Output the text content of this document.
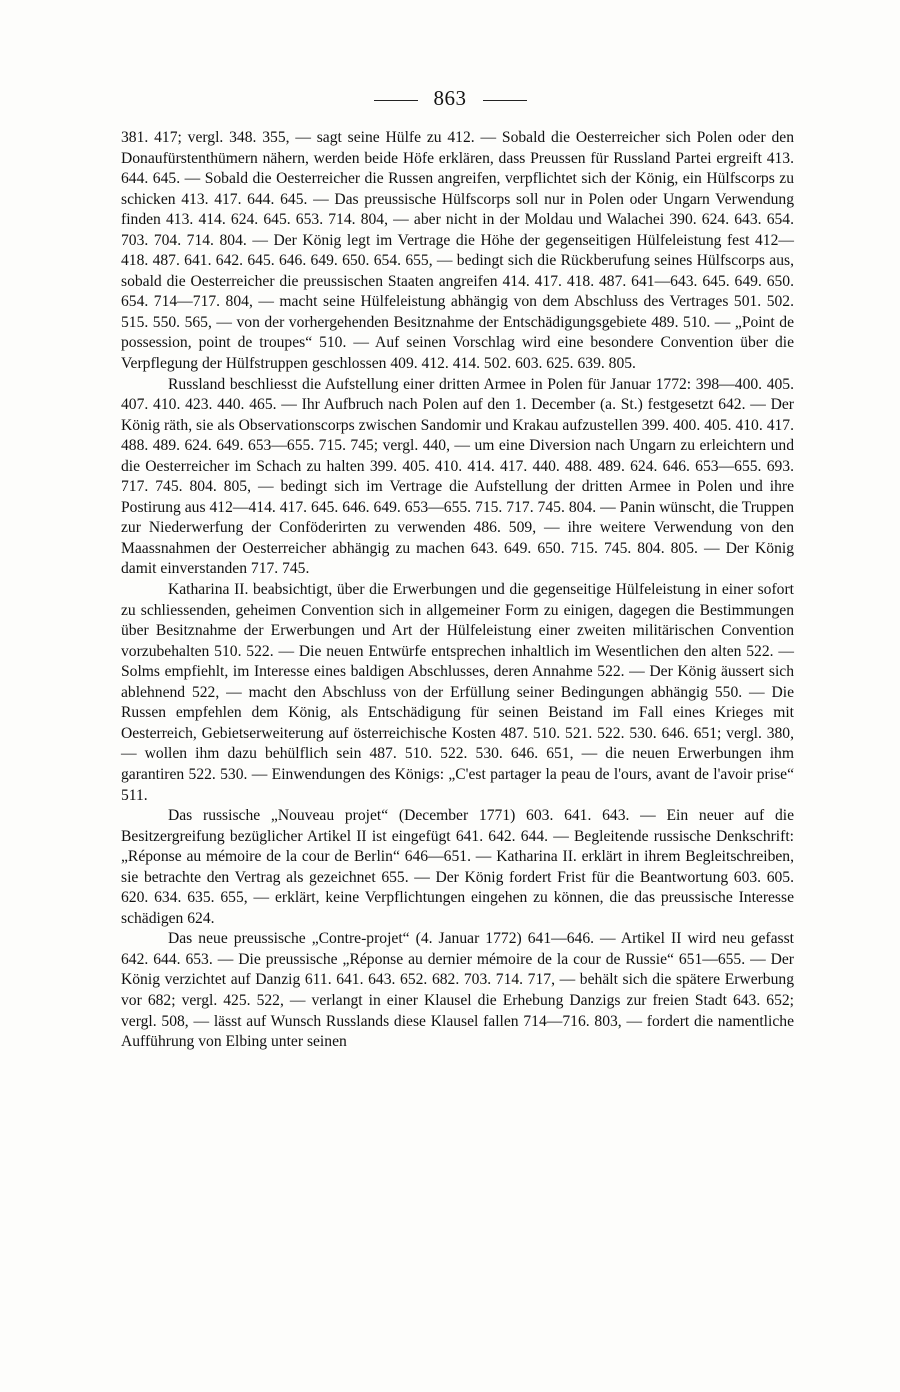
863

381. 417; vergl. 348. 355, — sagt seine Hülfe zu 412. — Sobald die Oesterreicher sich Polen oder den Donaufürstenthümern nähern, werden beide Höfe erklären, dass Preussen für Russland Partei ergreift 413. 644. 645. — Sobald die Oesterreicher die Russen angreifen, verpflichtet sich der König, ein Hülfscorps zu schicken 413. 417. 644. 645. — Das preussische Hülfscorps soll nur in Polen oder Ungarn Verwendung finden 413. 414. 624. 645. 653. 714. 804, — aber nicht in der Moldau und Walachei 390. 624. 643. 654. 703. 704. 714. 804. — Der König legt im Vertrage die Höhe der gegenseitigen Hülfeleistung fest 412—418. 487. 641. 642. 645. 646. 649. 650. 654. 655, — bedingt sich die Rückberufung seines Hülfscorps aus, sobald die Oesterreicher die preussischen Staaten angreifen 414. 417. 418. 487. 641—643. 645. 649. 650. 654. 714—717. 804, — macht seine Hülfeleistung abhängig von dem Abschluss des Vertrages 501. 502. 515. 550. 565, — von der vorhergehenden Besitznahme der Entschädigungsgebiete 489. 510. — „Point de possession, point de troupes“ 510. — Auf seinen Vorschlag wird eine besondere Convention über die Verpflegung der Hülfstruppen geschlossen 409. 412. 414. 502. 603. 625. 639. 805.

Russland beschliesst die Aufstellung einer dritten Armee in Polen für Januar 1772: 398—400. 405. 407. 410. 423. 440. 465. — Ihr Aufbruch nach Polen auf den 1. December (a. St.) festgesetzt 642. — Der König räth, sie als Observationscorps zwischen Sandomir und Krakau aufzustellen 399. 400. 405. 410. 417. 488. 489. 624. 649. 653—655. 715. 745; vergl. 440, — um eine Diversion nach Ungarn zu erleichtern und die Oesterreicher im Schach zu halten 399. 405. 410. 414. 417. 440. 488. 489. 624. 646. 653—655. 693. 717. 745. 804. 805, — bedingt sich im Vertrage die Aufstellung der dritten Armee in Polen und ihre Postirung aus 412—414. 417. 645. 646. 649. 653—655. 715. 717. 745. 804. — Panin wünscht, die Truppen zur Niederwerfung der Conföderirten zu verwenden 486. 509, — ihre weitere Verwendung von den Maassnahmen der Oesterreicher abhängig zu machen 643. 649. 650. 715. 745. 804. 805. — Der König damit einverstanden 717. 745.

Katharina II. beabsichtigt, über die Erwerbungen und die gegenseitige Hülfeleistung in einer sofort zu schliessenden, geheimen Convention sich in allgemeiner Form zu einigen, dagegen die Bestimmungen über Besitznahme der Erwerbungen und Art der Hülfeleistung einer zweiten militärischen Convention vorzubehalten 510. 522. — Die neuen Entwürfe entsprechen inhaltlich im Wesentlichen den alten 522. — Solms empfiehlt, im Interesse eines baldigen Abschlusses, deren Annahme 522. — Der König äussert sich ablehnend 522, — macht den Abschluss von der Erfüllung seiner Bedingungen abhängig 550. — Die Russen empfehlen dem König, als Entschädigung für seinen Beistand im Fall eines Krieges mit Oesterreich, Gebietserweiterung auf österreichische Kosten 487. 510. 521. 522. 530. 646. 651; vergl. 380, — wollen ihm dazu behülflich sein 487. 510. 522. 530. 646. 651, — die neuen Erwerbungen ihm garantiren 522. 530. — Einwendungen des Königs: „C'est partager la peau de l'ours, avant de l'avoir prise“ 511.

Das russische „Nouveau projet“ (December 1771) 603. 641. 643. — Ein neuer auf die Besitzergreifung bezüglicher Artikel II ist eingefügt 641. 642. 644. — Begleitende russische Denkschrift: „Réponse au mémoire de la cour de Berlin“ 646—651. — Katharina II. erklärt in ihrem Begleitschreiben, sie betrachte den Vertrag als gezeichnet 655. — Der König fordert Frist für die Beantwortung 603. 605. 620. 634. 635. 655, — erklärt, keine Verpflichtungen eingehen zu können, die das preussische Interesse schädigen 624.

Das neue preussische „Contre-projet“ (4. Januar 1772) 641—646. — Artikel II wird neu gefasst 642. 644. 653. — Die preussische „Réponse au dernier mémoire de la cour de Russie“ 651—655. — Der König verzichtet auf Danzig 611. 641. 643. 652. 682. 703. 714. 717, — behält sich die spätere Erwerbung vor 682; vergl. 425. 522, — verlangt in einer Klausel die Erhebung Danzigs zur freien Stadt 643. 652; vergl. 508, — lässt auf Wunsch Russlands diese Klausel fallen 714—716. 803, — fordert die namentliche Aufführung von Elbing unter seinen
